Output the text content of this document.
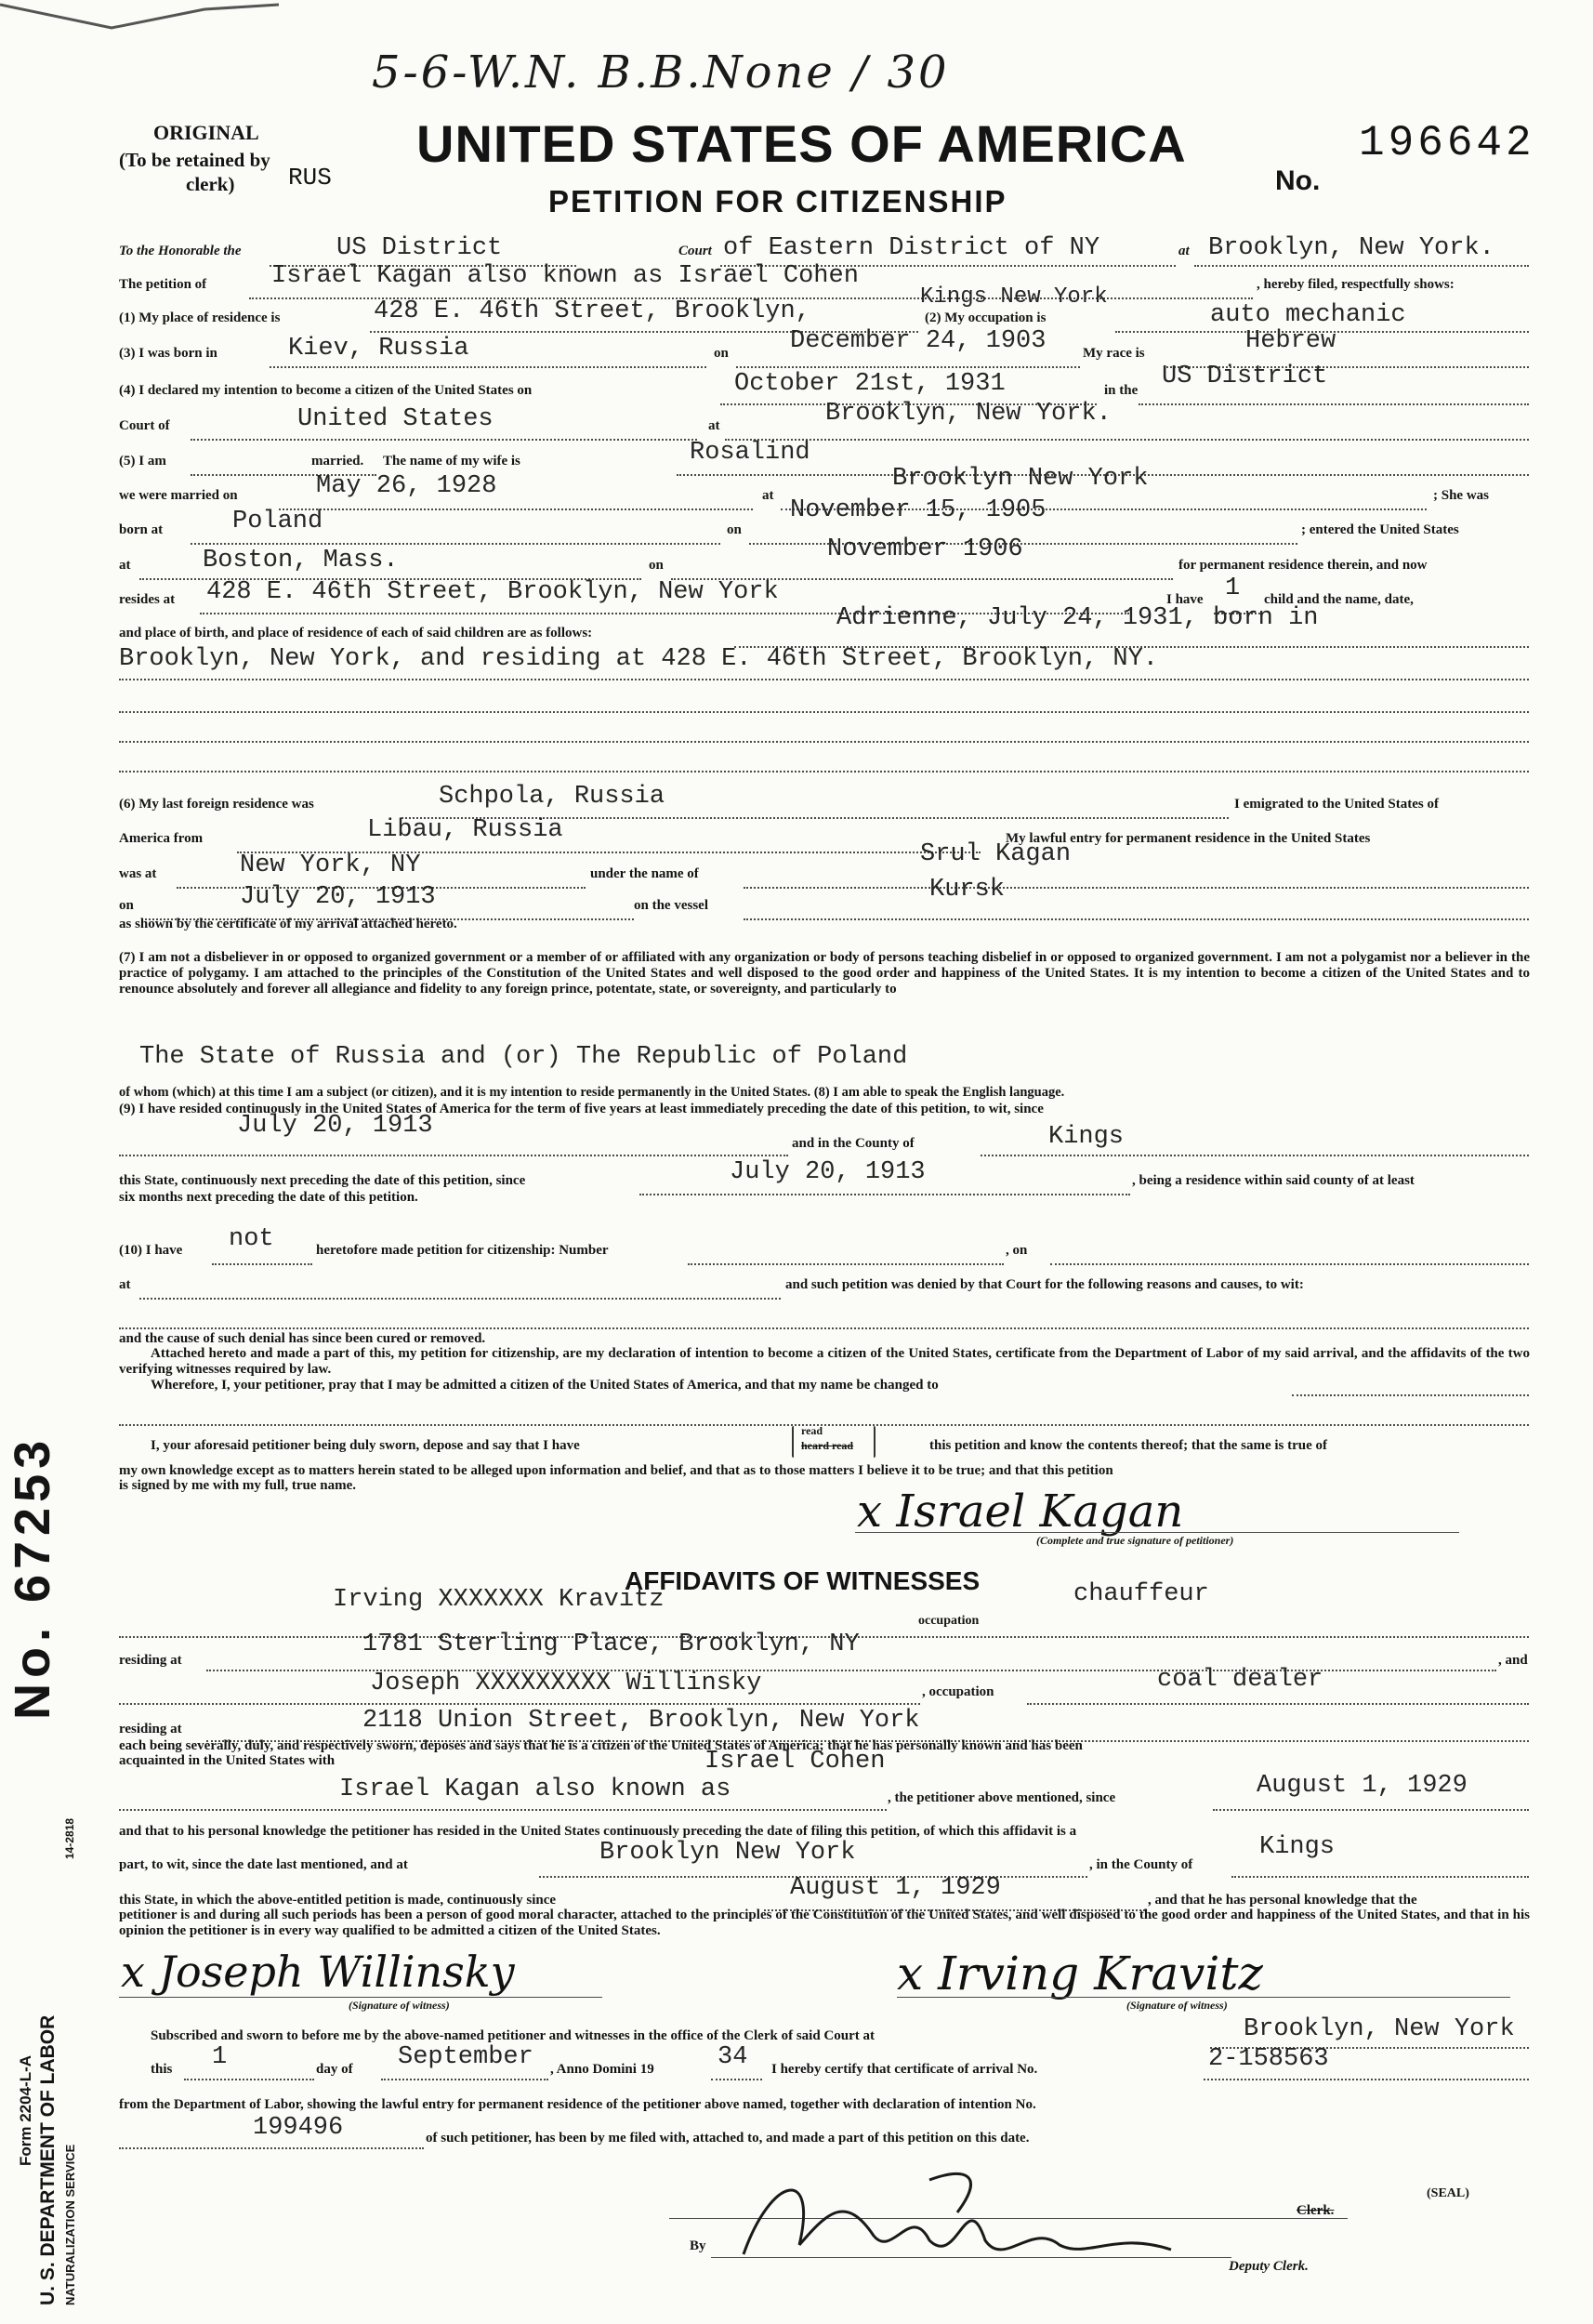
5-6-W.N. B.B.None / 30
ORIGINAL
(To be retained by
clerk) RUS
UNITED STATES OF AMERICA
PETITION FOR CITIZENSHIP
No.
196642
To the Honorable the	US District	Court of Eastern District of NY	at Brooklyn, New York.
The petition of	Israel Kagan also known as Israel Cohen	, hereby filed, respectfully shows:
(1) My place of residence is	428 E. 46th Street, Brooklyn,
Kings New York
(2) My occupation is	auto mechanic
(3) I was born in	Kiev, Russia	on December 24, 1903	My race is	Hebrew
(4) I declared my intention to become a citizen of the United States on	October 21st, 1931	in the US District
Court of	United States	at	Brooklyn, New York.
(5) I am	married. The name of my wife is	Rosalind
we were married on	May 26, 1928	at
Brooklyn New York
; She was
born at	Poland	on
November 15, 1905
; entered the United States
at	Boston, Mass.	on
November 1906
for permanent residence therein, and now
resides at 428 E. 46th Street, Brooklyn, New York	I have 1 child and the name, date,
and place of birth, and place of residence of each of said children are as follows:
Adrienne, July 24, 1931, born in
Brooklyn, New York, and residing at 428 E. 46th Street, Brooklyn, NY.
(6) My last foreign residence was	Schpola, Russia	I emigrated to the United States of
America from	Libau, Russia	My lawful entry for permanent residence in the United States
was at	New York, NY	under the name of
Srul Kagan
on	July 20, 1913	on the vessel
Kursk
as shown by the certificate of my arrival attached hereto.
(7) I am not a disbeliever in or opposed to organized government or a member of or affiliated with any organization or body of persons teaching disbelief in or opposed to organized government. I am not a polygamist nor a believer in the practice of polygamy. I am attached to the principles of the Constitution of the United States and well disposed to the good order and happiness of the United States. It is my intention to become a citizen of the United States and to renounce absolutely and forever all allegiance and fidelity to any foreign prince, potentate, state, or sovereignty, and particularly to
The State of Russia and (or) The Republic of Poland
of whom (which) at this time I am a subject (or citizen), and it is my intention to reside permanently in the United States. (8) I am able to speak the English language.
(9) I have resided continuously in the United States of America for the term of five years at least immediately preceding the date of this petition, to wit, since
July 20, 1913
and in the County of	Kings
this State, continuously next preceding the date of this petition, since	July 20, 1913	, being a residence within said county of at least
six months next preceding the date of this petition.
(10) I have not	heretofore made petition for citizenship: Number	, on
at	and such petition was denied by that Court for the following reasons and causes, to wit:
and the cause of such denial has since been cured or removed.
Attached hereto and made a part of this, my petition for citizenship, are my declaration of intention to become a citizen of the United States, certificate from the Department of Labor of my said arrival, and the affidavits of the two verifying witnesses required by law.
Wherefore, I, your petitioner, pray that I may be admitted a citizen of the United States of America, and that my name be changed to
I, your aforesaid petitioner being duly sworn, depose and say that I have
read
heard read	this petition and know the contents thereof; that the same is true of
my own knowledge except as to matters herein stated to be alleged upon information and belief, and that as to those matters I believe it to be true; and that this petition
is signed by me with my full, true name.	x Israel Kagan
(Complete and true signature of petitioner)
AFFIDAVITS OF WITNESSES
Irving XXXXXXX Kravitz	chauffeur
occupation
residing at
1781 Sterling Place, Brooklyn, NY
, and
Joseph XXXXXXXXX Willinsky	, occupation	coal dealer
residing at	2118 Union Street, Brooklyn, New York
each being severally, duly, and respectively sworn, deposes and says that he is a citizen of the United States of America; that he has personally known and has been
acquainted in the United States with	Israel Cohen
Israel Kagan also known as	, the petitioner above mentioned, since	August 1, 1929
and that to his personal knowledge the petitioner has resided in the United States continuously preceding the date of filing this petition, of which this affidavit is a
part, to wit, since the date last mentioned, and at	Brooklyn New York	, in the County of
Kings
this State, in which the above-entitled petition is made, continuously since	August 1, 1929	, and that he has personal knowledge that the
petitioner is and during all such periods has been a person of good moral character, attached to the principles of the Constitution of the United States, and well disposed to the good order and happiness of the United States, and that in his opinion the petitioner is in every way qualified to be admitted a citizen of the United States.
x Joseph Willinsky
(Signature of witness)
x Irving Kravitz
(Signature of witness)
Subscribed and sworn to before me by the above-named petitioner and witnesses in the office of the Clerk of said Court at	Brooklyn, New York
this 1	day of September , Anno Domini 19	34 I hereby certify that certificate of arrival No.	2-158563
from the Department of Labor, showing the lawful entry for permanent residence of the petitioner above named, together with declaration of intention No.
199496	of such petitioner, has been by me filed with, attached to, and made a part of this petition on this date.
(SEAL)
Clerk.
By
Deputy Clerk.
No. 67253
Form 2204-L-A
14-2818
U. S. DEPARTMENT OF LABOR NATURALIZATION SERVICE
